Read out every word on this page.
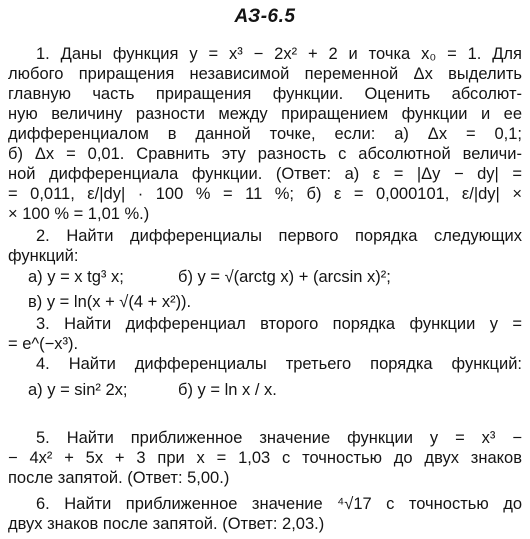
АЗ-6.5
1. Даны функция y = x³ − 2x² + 2 и точка x₀ = 1. Для
любого приращения независимой переменной Δx выделить
главную часть приращения функции. Оценить абсолют-
ную величину разности между приращением функции и ее
дифференциалом в данной точке, если: а) Δx = 0,1;
б) Δx = 0,01. Сравнить эту разность с абсолютной величи-
ной дифференциала функции. (Ответ: а) ε = |Δy − dy| =
= 0,011, ε/|dy| · 100 % = 11 %; б) ε = 0,000101, ε/|dy| ×
× 100 % = 1,01 %.)
2. Найти дифференциалы первого порядка следующих
функций:
а) y = x tg³ x;	б) y = √(arctg x) + (arcsin x)²;
в) y = ln(x + √(4 + x²)).
3. Найти дифференциал второго порядка функции y =
= e^(−x³).
4. Найти дифференциалы третьего порядка функций:
а) y = sin² 2x;	б) y = ln x / x.
5. Найти приближенное значение функции y = x³ −
− 4x² + 5x + 3 при x = 1,03 с точностью до двух знаков
после запятой. (Ответ: 5,00.)
6. Найти приближенное значение ⁴√17 с точностью до
двух знаков после запятой. (Ответ: 2,03.)
